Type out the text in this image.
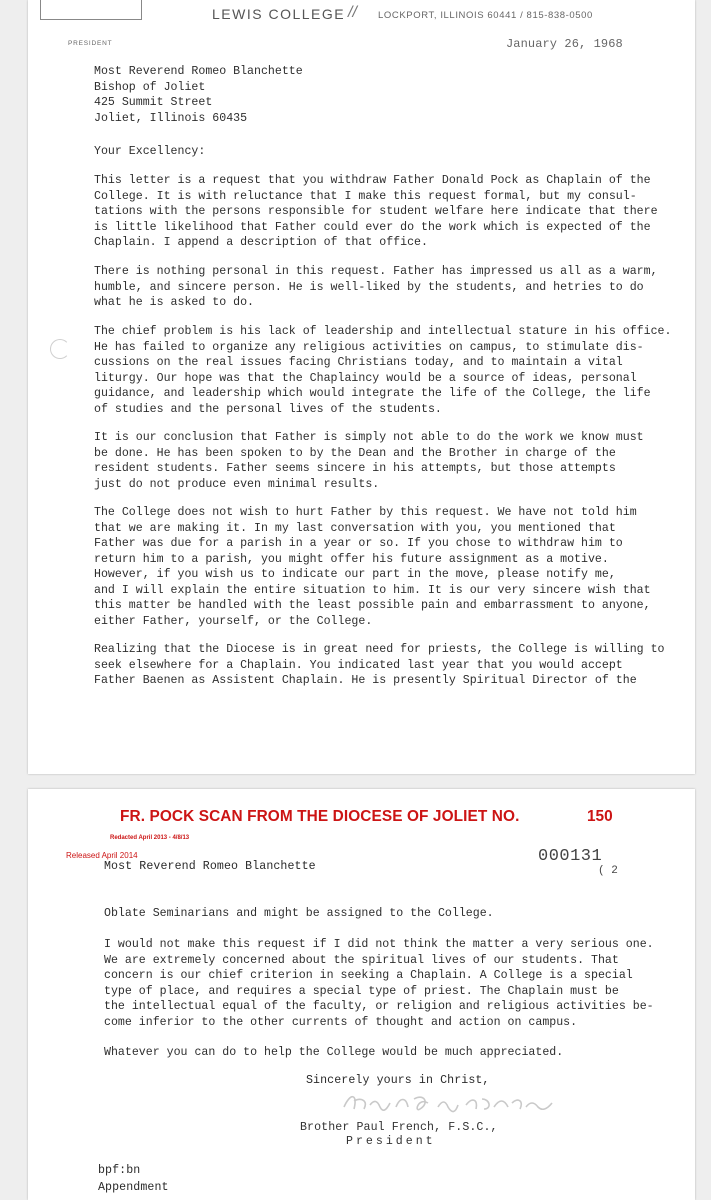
LEWIS COLLEGE // LOCKPORT, ILLINOIS 60441 / 815-838-0500
PRESIDENT	January 26, 1968
Most Reverend Romeo Blanchette
Bishop of Joliet
425 Summit Street
Joliet, Illinois 60435
Your Excellency:
This letter is a request that you withdraw Father Donald Pock as Chaplain of the
College. It is with reluctance that I make this request formal, but my consul-
tations with the persons responsible for student welfare here indicate that there
is little likelihood that Father could ever do the work which is expected of the
Chaplain. I append a description of that office.
There is nothing personal in this request. Father has impressed us all as a warm,
humble, and sincere person. He is well-liked by the students, and hetries to do
what he is asked to do.
The chief problem is his lack of leadership and intellectual stature in his office.
He has failed to organize any religious activities on campus, to stimulate dis-
cussions on the real issues facing Christians today, and to maintain a vital
liturgy. Our hope was that the Chaplaincy would be a source of ideas, personal
guidance, and leadership which would integrate the life of the College, the life
of studies and the personal lives of the students.
It is our conclusion that Father is simply not able to do the work we know must
be done. He has been spoken to by the Dean and the Brother in charge of the
resident students. Father seems sincere in his attempts, but those attempts
just do not produce even minimal results.
The College does not wish to hurt Father by this request. We have not told him
that we are making it. In my last conversation with you, you mentioned that
Father was due for a parish in a year or so. If you chose to withdraw him to
return him to a parish, you might offer his future assignment as a motive.
However, if you wish us to indicate our part in the move, please notify me,
and I will explain the entire situation to him. It is our very sincere wish that
this matter be handled with the least possible pain and embarrassment to anyone,
either Father, yourself, or the College.
Realizing that the Diocese is in great need for priests, the College is willing to
seek elsewhere for a Chaplain. You indicated last year that you would accept
Father Baenen as Assistent Chaplain. He is presently Spiritual Director of the
FR. POCK SCAN FROM THE DIOCESE OF JOLIET NO.	150
Redacted April 2013 - 4/8/13
Released April 2014
Most Reverend Romeo Blanchette
000131
( 2
Oblate Seminarians and might be assigned to the College.
I would not make this request if I did not think the matter a very serious one.
We are extremely concerned about the spiritual lives of our students. That
concern is our chief criterion in seeking a Chaplain. A College is a special
type of place, and requires a special type of priest. The Chaplain must be
the intellectual equal of the faculty, or religion and religious activities be-
come inferior to the other currents of thought and action on campus.
Whatever you can do to help the College would be much appreciated.
Sincerely yours in Christ,
Brother Paul French, F.S.C.,
President
bpf:bn
Appendment
